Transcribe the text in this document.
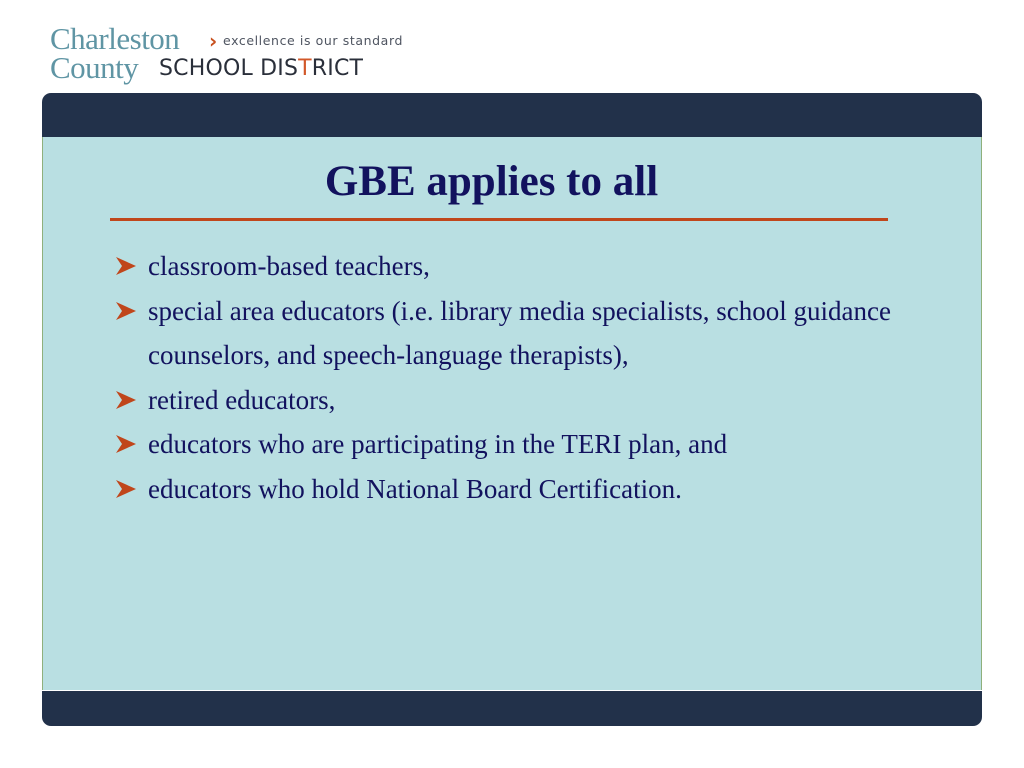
Charleston › excellence is our standard
County SCHOOL DISTRICT
GBE applies to all
classroom-based teachers,
special area educators (i.e. library media specialists, school guidance counselors, and speech-language therapists),
retired educators,
educators who are participating in the TERI plan, and
educators who hold National Board Certification.
